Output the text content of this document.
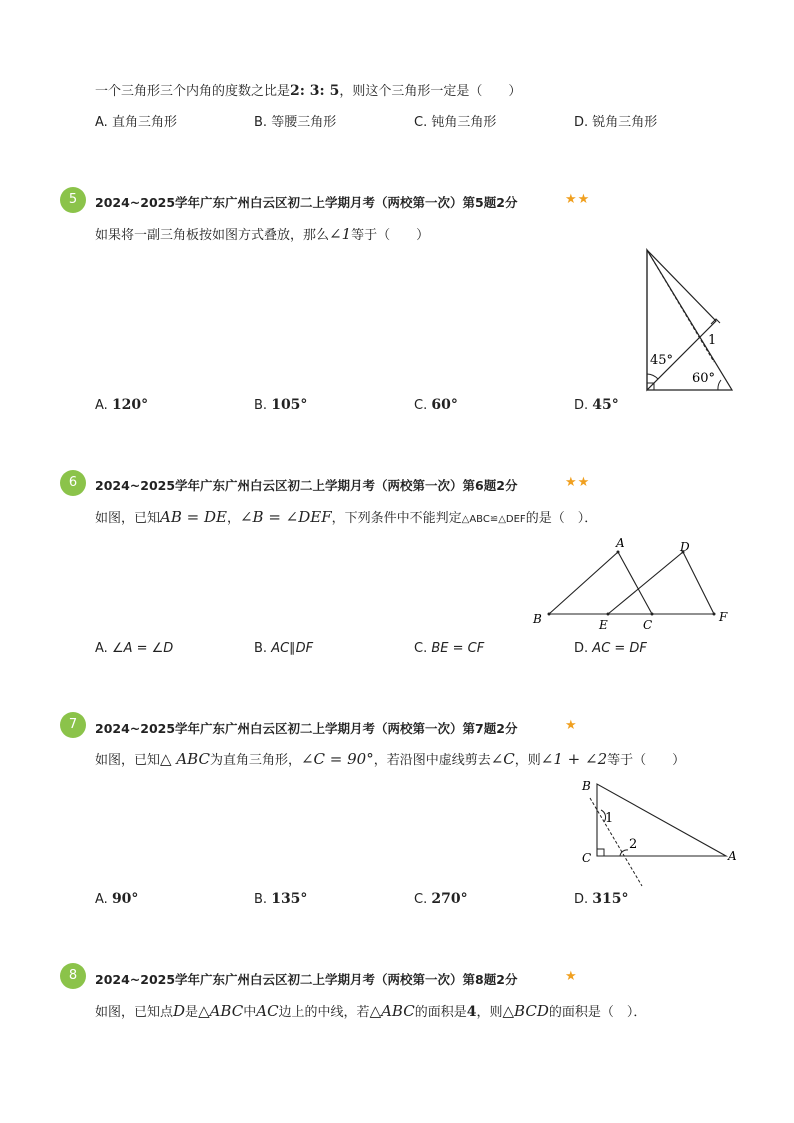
一个三角形三个内角的度数之比是2: 3: 5，则这个三角形一定是（　　）
A. 直角三角形	B. 等腰三角形	C. 钝角三角形	D. 锐角三角形
5	2024~2025学年广东广州白云区初二上学期月考（两校第一次）第5题2分	★★
如果将一副三角板按如图方式叠放，那么∠1等于（　　）
45°
60°
1
A. 120°	B. 105°	C. 60°	D. 45°
6	2024~2025学年广东广州白云区初二上学期月考（两校第一次）第6题2分	★★
如图，已知AB = DE，∠B = ∠DEF，下列条件中不能判定△ABC≌△DEF的是（　）．
A	D
B	E	C
F
A. ∠A = ∠D	B. AC∥DF	C. BE = CF	D. AC = DF
7	2024~2025学年广东广州白云区初二上学期月考（两校第一次）第7题2分	★
如图，已知△ ABC为直角三角形，∠C = 90°，若沿图中虚线剪去∠C，则∠1 + ∠2等于（　　）
B
C	A
1
2
A. 90°	B. 135°	C. 270°	D. 315°
8	2024~2025学年广东广州白云区初二上学期月考（两校第一次）第8题2分	★
如图，已知点D是△ABC中AC边上的中线，若△ABC的面积是4，则△BCD的面积是（　）．
